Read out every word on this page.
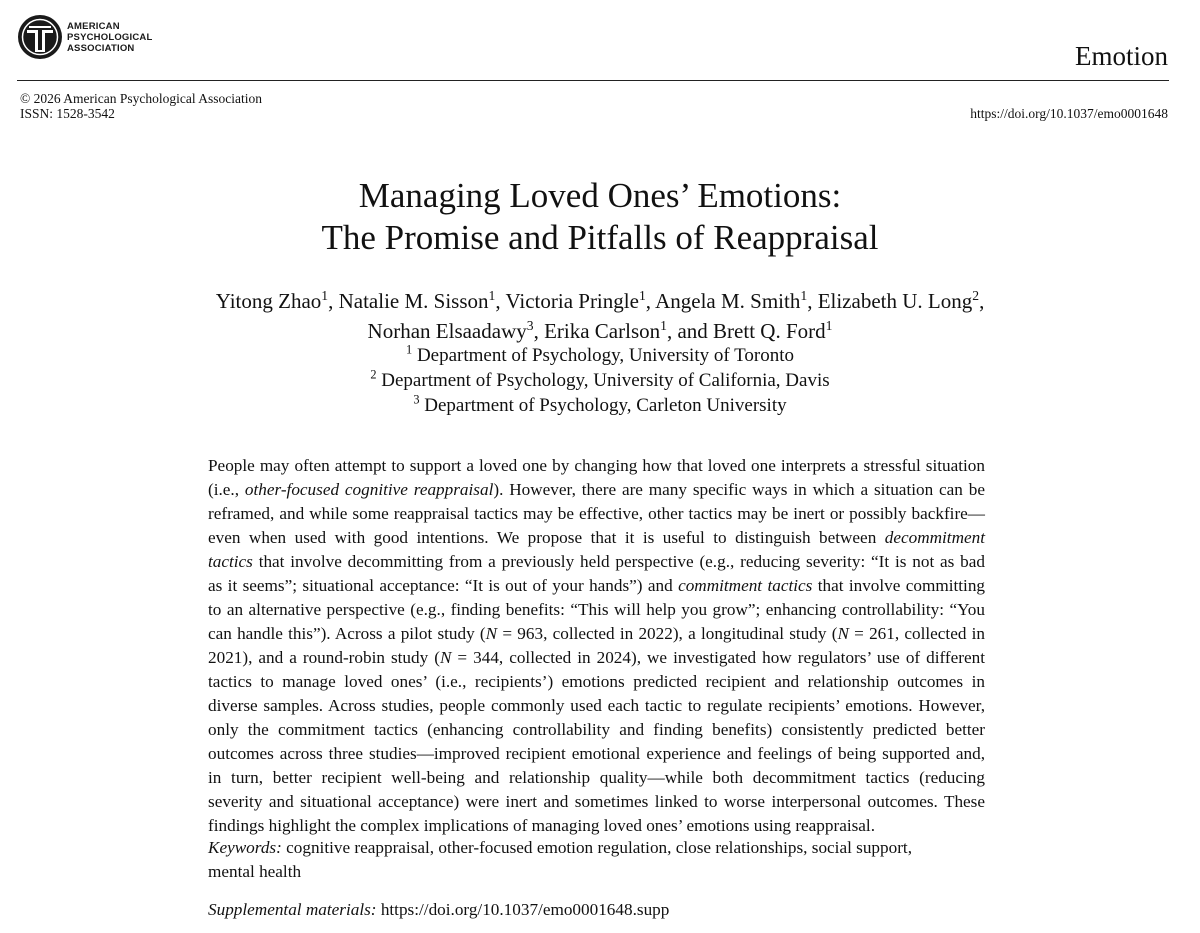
AMERICAN
PSYCHOLOGICAL
ASSOCIATION	Emotion
© 2026 American Psychological Association
ISSN: 1528-3542	https://doi.org/10.1037/emo0001648
Managing Loved Ones’ Emotions:
The Promise and Pitfalls of Reappraisal
Yitong Zhao$^1$, Natalie M. Sisson$^1$, Victoria Pringle$^1$, Angela M. Smith$^1$, Elizabeth U. Long$^2$,
Norhan Elsaadawy$^3$, Erika Carlson$^1$, and Brett Q. Ford$^1$
$^1$ Department of Psychology, University of Toronto
$^2$ Department of Psychology, University of California, Davis
$^3$ Department of Psychology, Carleton University
People may often attempt to support a loved one by changing how that loved one interprets a stressful situation
(i.e., other-focused cognitive reappraisal). However, there are many specific ways in which a situation can be
reframed, and while some reappraisal tactics may be effective, other tactics may be inert or possibly backfire—
even when used with good intentions. We propose that it is useful to distinguish between decommitment
tactics that involve decommitting from a previously held perspective (e.g., reducing severity: “It is not as bad
as it seems”; situational acceptance: “It is out of your hands”) and commitment tactics that involve committing
to an alternative perspective (e.g., finding benefits: “This will help you grow”; enhancing controllability: “You
can handle this”). Across a pilot study (N = 963, collected in 2022), a longitudinal study (N = 261, collected in
2021), and a round-robin study (N = 344, collected in 2024), we investigated how regulators’ use of different
tactics to manage loved ones’ (i.e., recipients’) emotions predicted recipient and relationship outcomes in
diverse samples. Across studies, people commonly used each tactic to regulate recipients’ emotions. However,
only the commitment tactics (enhancing controllability and finding benefits) consistently predicted better
outcomes across three studies—improved recipient emotional experience and feelings of being supported and,
in turn, better recipient well-being and relationship quality—while both decommitment tactics (reducing
severity and situational acceptance) were inert and sometimes linked to worse interpersonal outcomes. These
findings highlight the complex implications of managing loved ones’ emotions using reappraisal.
Keywords: cognitive reappraisal, other-focused emotion regulation, close relationships, social support,
mental health
Supplemental materials: https://doi.org/10.1037/emo0001648.supp
